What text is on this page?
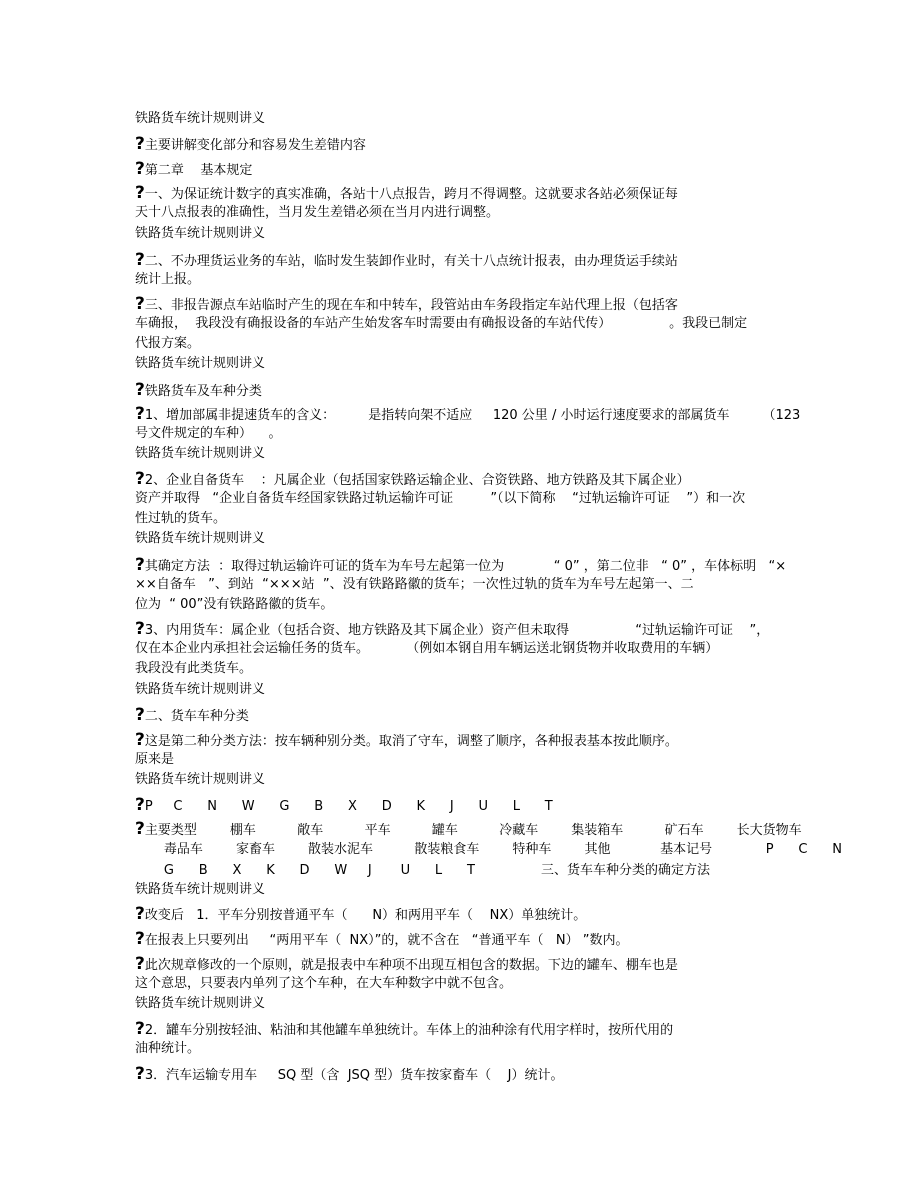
铁路货车统计规则讲义
?主要讲解变化部分和容易发生差错内容
?第二章    基本规定
?一、为保证统计数字的真实准确，各站十八点报告，跨月不得调整。这就要求各站必须保证每
天十八点报表的准确性，当月发生差错必须在当月内进行调整。
铁路货车统计规则讲义
?二、不办理货运业务的车站，临时发生装卸作业时，有关十八点统计报表，由办理货运手续站
统计上报。
?三、非报告源点车站临时产生的现在车和中转车，段管站由车务段指定车站代理上报（包括客
车确报，  我段没有确报设备的车站产生始发客车时需要由有确报设备的车站代传）              。我段已制定
代报方案。
铁路货车统计规则讲义
?铁路货车及车种分类
?1、增加部属非提速货车的含义：        是指转向架不适应     120 公里 / 小时运行速度要求的部属货车        （123
号文件规定的车种）    。
铁路货车统计规则讲义
?2、企业自备货车    ：凡属企业（包括国家铁路运输企业、合资铁路、地方铁路及其下属企业）
资产并取得   “企业自备货车经国家铁路过轨运输许可证         ”（以下简称    “过轨运输许可证    ”）和一次
性过轨的货车。
铁路货车统计规则讲义
?其确定方法  ：取得过轨运输许可证的货车为车号左起第一位为            “ 0” ，第二位非   “ 0” ，车体标明   “×
××自备车   ”、到站  “×××站  ”、没有铁路路徽的货车；一次性过轨的货车为车号左起第一、二
位为  “ 00”没有铁路路徽的货车。
?3、内用货车：属企业（包括合资、地方铁路及其下属企业）资产但未取得                “过轨运输许可证    ”，
仅在本企业内承担社会运输任务的货车。         （例如本钢自用车辆运送北钢货物并收取费用的车辆）
我段没有此类货车。
铁路货车统计规则讲义
?二、货车车种分类
?这是第二种分类方法：按车辆种别分类。取消了守车，调整了顺序，各种报表基本按此顺序。
原来是
铁路货车统计规则讲义
?P     C      N      W      G      B      X      D      K      J      U      L      T
?主要类型        棚车          敞车          平车          罐车          冷藏车        集装箱车          矿石车        长大货物车
毒品车        家畜车        散装水泥车          散装粮食车        特种车        其他            基本记号             P      C      N
G      B      X      K      D      W     J       U      L      T                三、货车车种分类的确定方法
铁路货车统计规则讲义
?改变后   1．平车分别按普通平车（      N）和两用平车（    NX）单独统计。
?在报表上只要列出     “两用平车（  NX）”的，就不含在   “普通平车（   N） ”数内。
?此次规章修改的一个原则，就是报表中车种项不出现互相包含的数据。下边的罐车、棚车也是
这个意思，只要表内单列了这个车种，在大车种数字中就不包含。
铁路货车统计规则讲义
?2．罐车分别按轻油、粘油和其他罐车单独统计。车体上的油种涂有代用字样时，按所代用的
油种统计。
?3．汽车运输专用车     SQ 型（含  JSQ 型）货车按家畜车（    J）统计。
